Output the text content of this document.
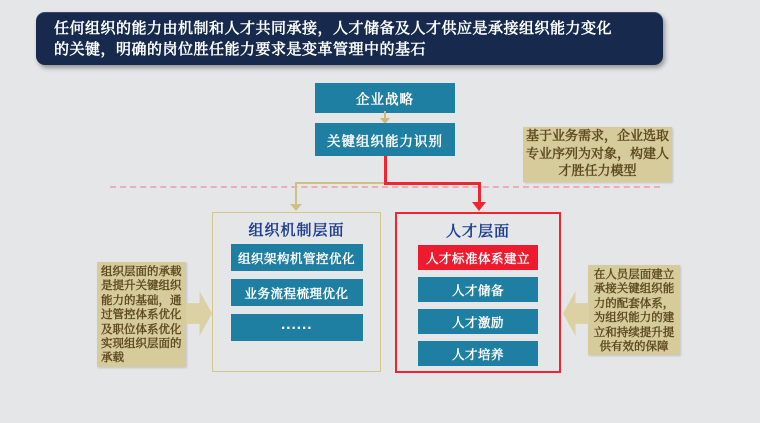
任何组织的能力由机制和人才共同承接，人才储备及人才供应是承接组织能力变化
的关键，明确的岗位胜任能力要求是变革管理中的基石
企业战略
关键组织能力识别	基于业务需求，企业选取专业序列为对象，构建人才胜任力模型
组织机制层面
组织架构机管控优化
业务流程梳理优化
······
人才层面
人才标准体系建立
人才储备
人才激励
人才培养
组织层面的承载是提升关键组织能力的基础，通过管控体系优化及职位体系优化实现组织层面的承载
在人员层面建立承接关键组织能力的配套体系，为组织能力的建立和持续提升提供有效的保障
